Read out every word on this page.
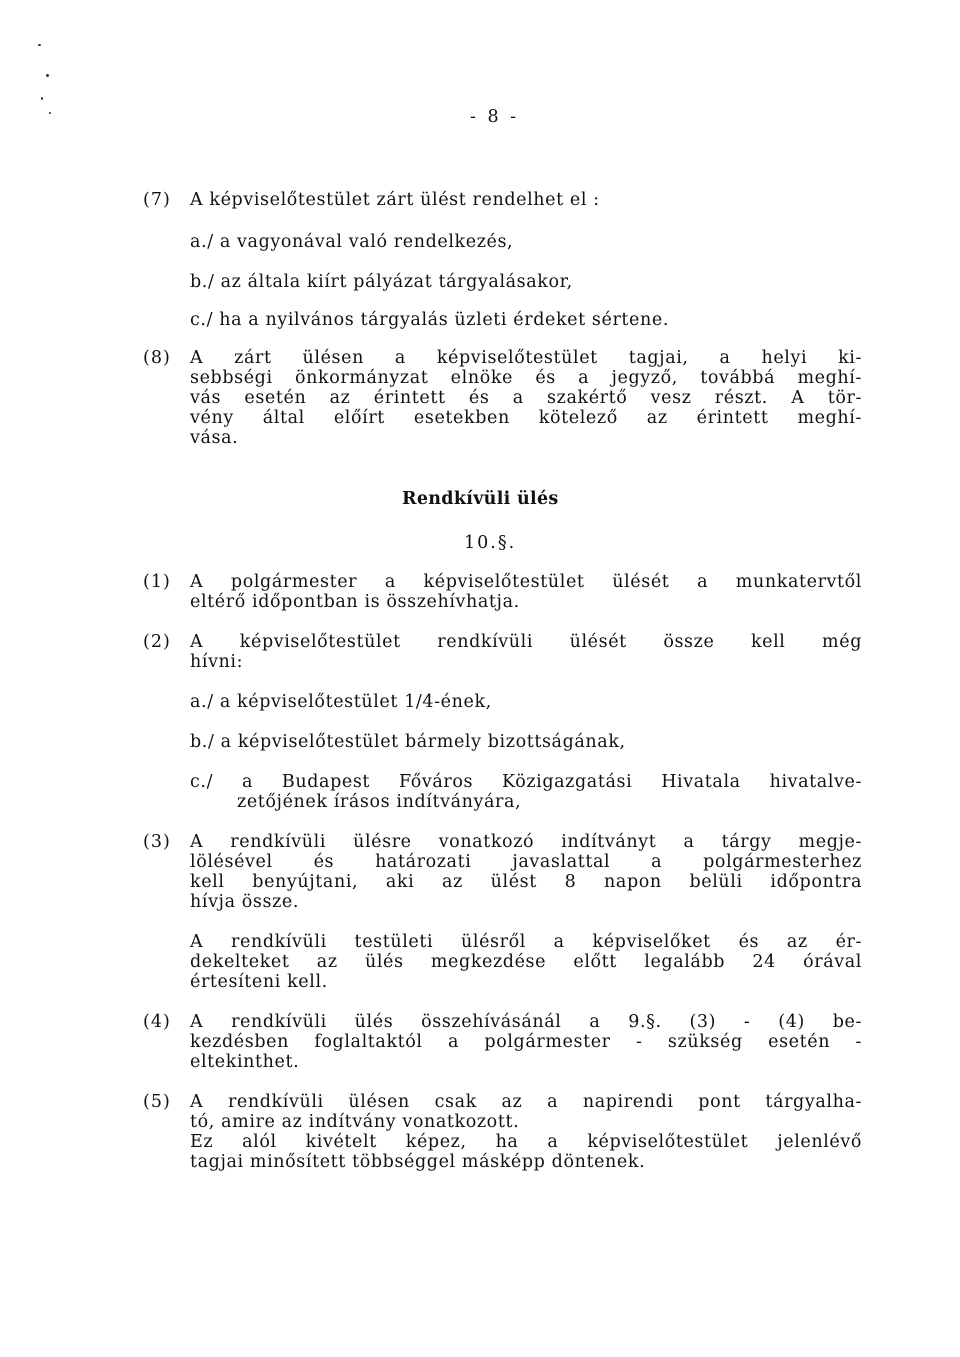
- 8 -
(7) A képviselőtestület zárt ülést rendelhet el :
a./ a vagyonával való rendelkezés,
b./ az általa kiírt pályázat tárgyalásakor,
c./ ha a nyilvános tárgyalás üzleti érdeket sértene.
(8) A zárt ülésen a képviselőtestület tagjai, a helyi ki-
sebbségi önkormányzat elnöke és a jegyző, továbbá meghí-
vás esetén az érintett és a szakértő vesz részt. A tör-
vény által előírt esetekben kötelező az érintett meghí-
vása.
Rendkívüli ülés
10.§.
(1) A polgármester a képviselőtestület ülését a munkatervtől
eltérő időpontban is összehívhatja.
(2) A képviselőtestület rendkívüli ülését össze kell még
hívni:
a./ a képviselőtestület 1/4-ének,
b./ a képviselőtestület bármely bizottságának,
c./ a Budapest Főváros Közigazgatási Hivatala hivatalve-
zetőjének írásos indítványára,
(3) A rendkívüli ülésre vonatkozó indítványt a tárgy megje-
lölésével és határozati javaslattal a polgármesterhez
kell benyújtani, aki az ülést 8 napon belüli időpontra
hívja össze.
A rendkívüli testületi ülésről a képviselőket és az ér-
dekelteket az ülés megkezdése előtt legalább 24 órával
értesíteni kell.
(4) A rendkívüli ülés összehívásánál a 9.§. (3) - (4) be-
kezdésben foglaltaktól a polgármester - szükség esetén -
eltekinthet.
(5) A rendkívüli ülésen csak az a napirendi pont tárgyalha-
tó, amire az indítvány vonatkozott.
Ez alól kivételt képez, ha a képviselőtestület jelenlévő
tagjai minősített többséggel másképp döntenek.
